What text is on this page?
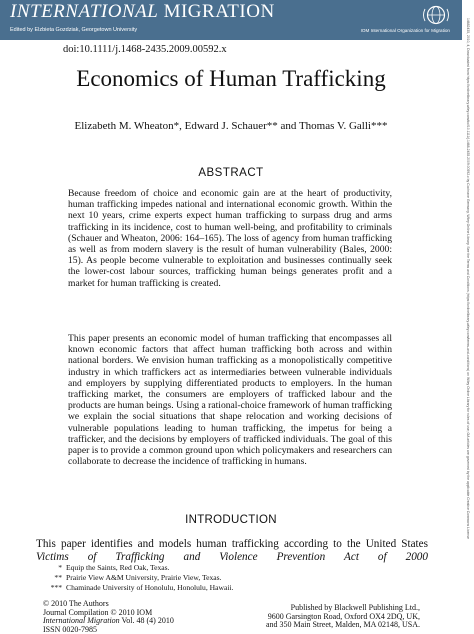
INTERNATIONAL MIGRATION
Edited by Elzbieta Gozdziak, Georgetown University	IOM International Organization for Migration	14682435, 2010, 4, Downloaded from https://onlinelibrary.wiley.com/doi/10.1111/j.1468-2435.2009.00592.x by Cochrane Germany, Wiley Online Library. See the Terms and Conditions (https://onlinelibrary.wiley.com/terms-and-conditions) on Wiley Online Library for rules of use; OA articles are governed by the applicable Creative Commons License
doi:10.1111/j.1468-2435.2009.00592.x
Economics of Human Trafficking
Elizabeth M. Wheaton*, Edward J. Schauer** and Thomas V. Galli***
ABSTRACT

Because freedom of choice and economic gain are at the heart of productivity, human trafficking impedes national and international economic growth. Within the next 10 years, crime experts expect human trafficking to surpass drug and arms trafficking in its incidence, cost to human well-being, and profitability to criminals (Schauer and Wheaton, 2006: 164–165). The loss of agency from human trafficking as well as from modern slavery is the result of human vulnerability (Bales, 2000: 15). As people become vulnerable to exploitation and businesses continually seek the lower-cost labour sources, trafficking human beings generates profit and a market for human trafficking is created.

This paper presents an economic model of human trafficking that encompasses all known economic factors that affect human trafficking both across and within national borders. We envision human trafficking as a monopolistically competitive industry in which traffickers act as intermediaries between vulnerable individuals and employers by supplying differentiated products to employers. In the human trafficking market, the consumers are employers of trafficked labour and the products are human beings. Using a rational-choice framework of human trafficking we explain the social situations that shape relocation and working decisions of vulnerable populations leading to human trafficking, the impetus for being a trafficker, and the decisions by employers of trafficked individuals. The goal of this paper is to provide a common ground upon which policymakers and researchers can collaborate to decrease the incidence of trafficking in humans.

INTRODUCTION

This paper identifies and models human trafficking according to the United States Victims of Trafficking and Violence Prevention Act of 2000

* Equip the Saints, Red Oak, Texas.
** Prairie View A&M University, Prairie View, Texas.
*** Chaminade University of Honolulu, Honolulu, Hawaii.
© 2010 The Authors
Journal Compilation © 2010 IOM
International Migration Vol. 48 (4) 2010
ISSN 0020-7985
Published by Blackwell Publishing Ltd.,
9600 Garsington Road, Oxford OX4 2DQ, UK,
and 350 Main Street, Malden, MA 02148, USA.
